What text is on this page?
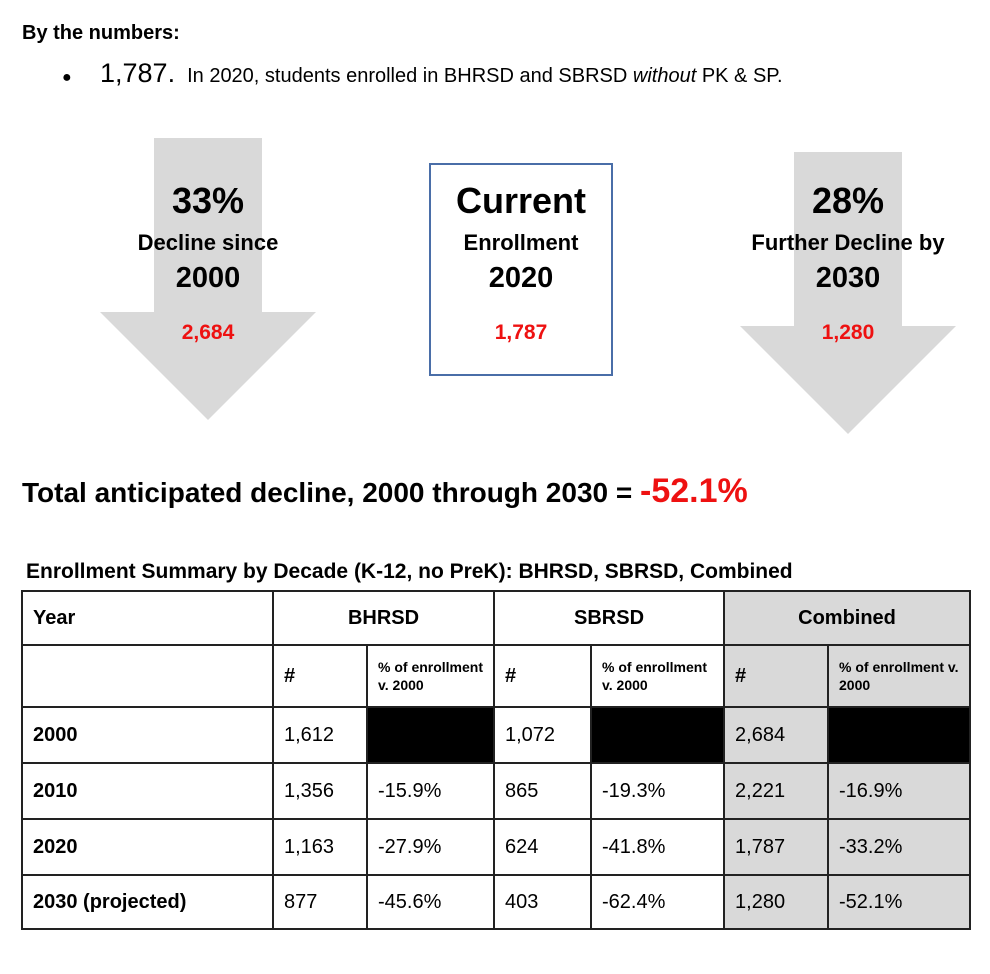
By the numbers:
●	1,787. In 2020, students enrolled in BHRSD and SBRSD without PK & SP.
33%
Decline since
2000
2,684
Current
Enrollment
2020
1,787
28%
Further Decline by
2030
1,280
Total anticipated decline, 2000 through 2030 = -52.1%
Enrollment Summary by Decade (K-12, no PreK): BHRSD, SBRSD, Combined
Year	BHRSD		SBRSD		Combined	
	#	% of enrollment v. 2000	#	% of enrollment v. 2000	#	% of enrollment v. 2000
2000	1,612		1,072		2,684	
2010	1,356	-15.9%	865	-19.3%	2,221	-16.9%
2020	1,163	-27.9%	624	-41.8%	1,787	-33.2%
2030 (projected)	877	-45.6%	403	-62.4%	1,280	-52.1%
